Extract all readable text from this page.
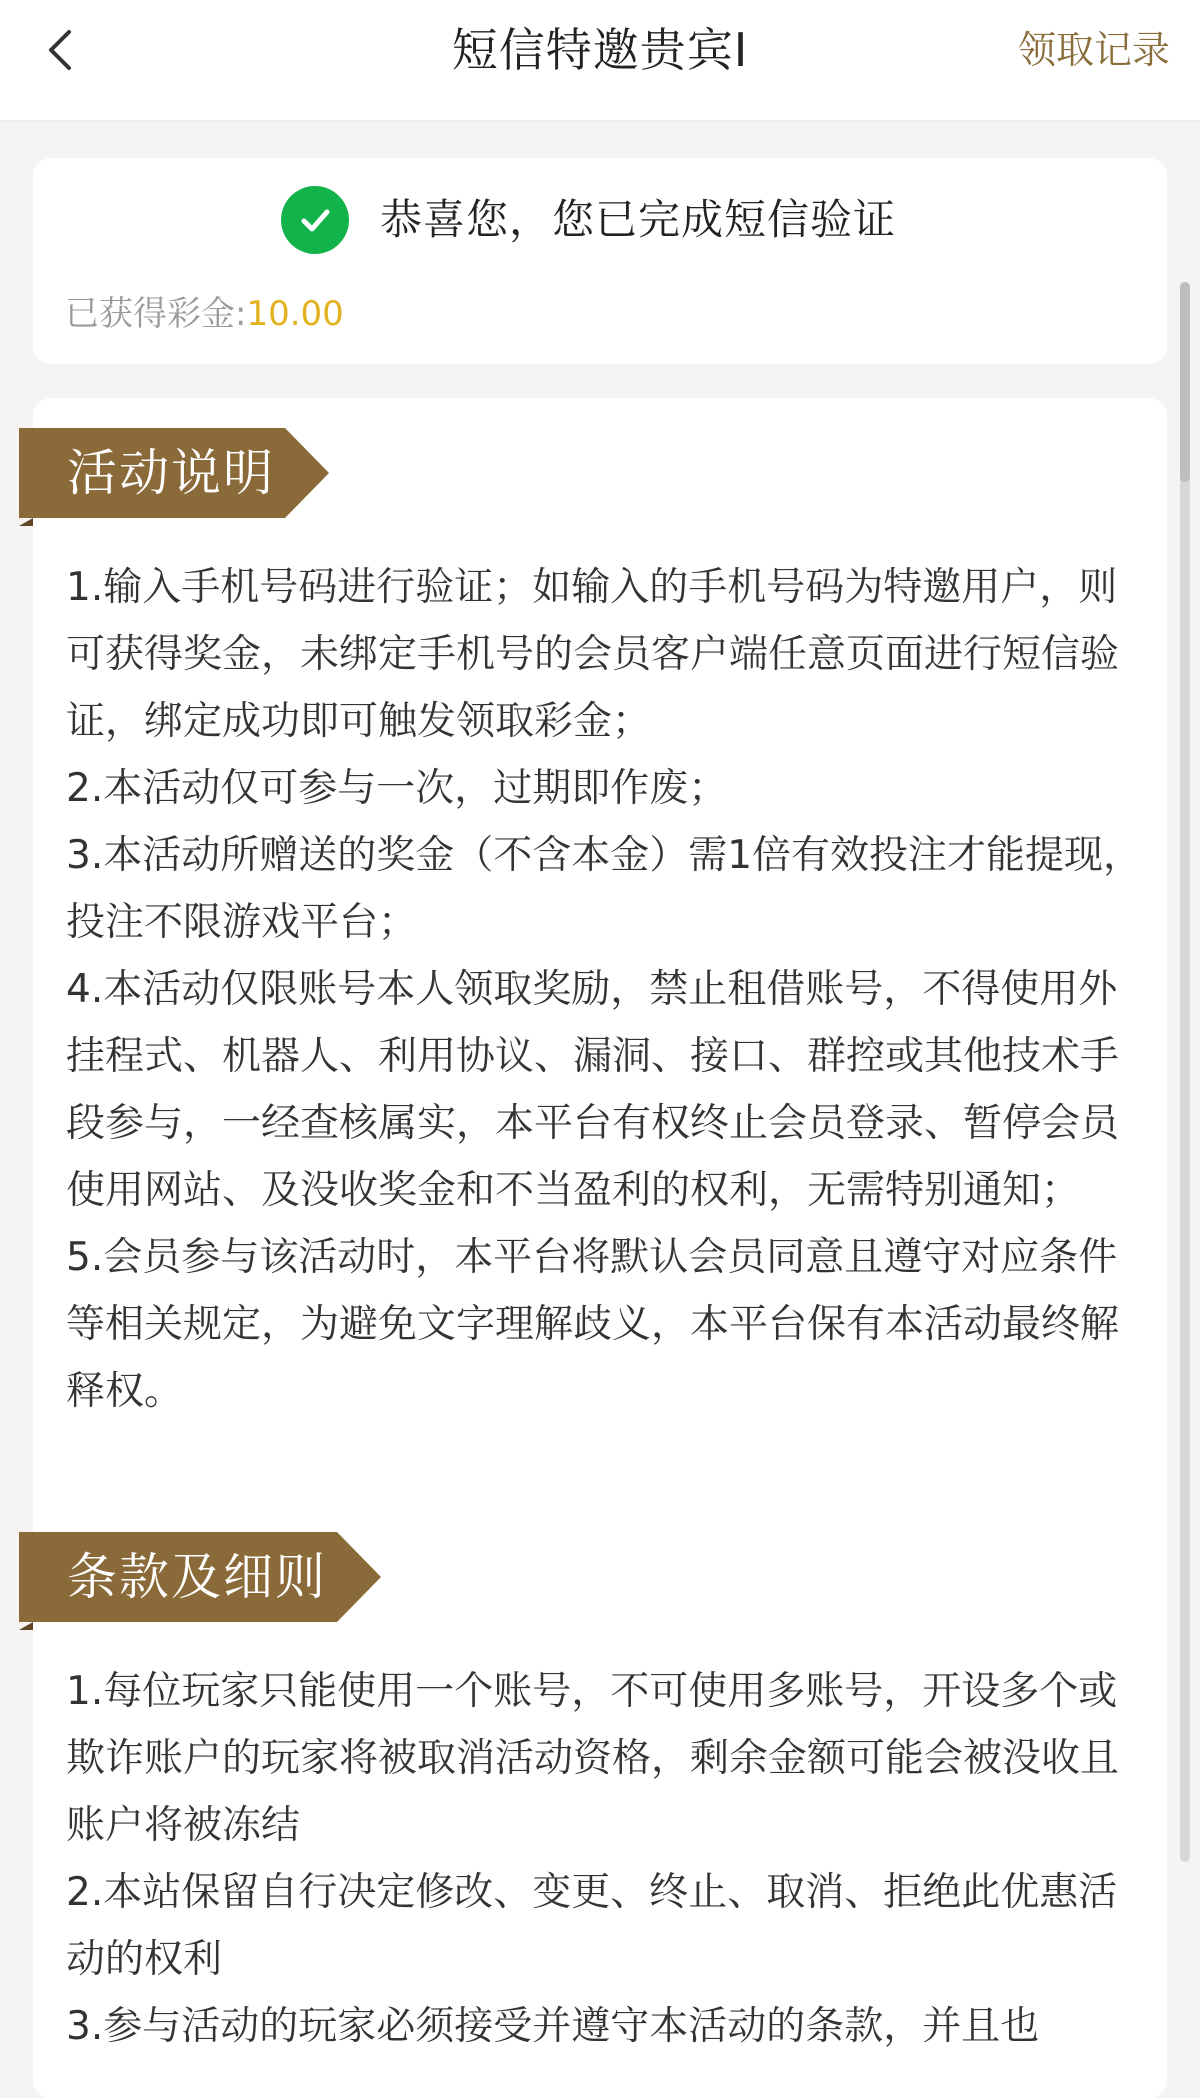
短信特邀贵宾I	领取记录
恭喜您，您已完成短信验证
已获得彩金:10.00
活动说明

1.输入手机号码进行验证；如输入的手机号码为特邀用户，则可获得奖金，未绑定手机号的会员客户端任意页面进行短信验证，绑定成功即可触发领取彩金；

2.本活动仅可参与一次，过期即作废；

3.本活动所赠送的奖金（不含本金）需1倍有效投注才能提现，投注不限游戏平台；

4.本活动仅限账号本人领取奖励，禁止租借账号，不得使用外挂程式、机器人、利用协议、漏洞、接口、群控或其他技术手段参与，一经查核属实，本平台有权终止会员登录、暂停会员使用网站、及没收奖金和不当盈利的权利，无需特别通知；

5.会员参与该活动时，本平台将默认会员同意且遵守对应条件等相关规定，为避免文字理解歧义，本平台保有本活动最终解释权。

条款及细则

1.每位玩家只能使用一个账号，不可使用多账号，开设多个或欺诈账户的玩家将被取消活动资格，剩余金额可能会被没收且账户将被冻结

2.本站保留自行决定修改、变更、终止、取消、拒绝此优惠活动的权利

3.参与活动的玩家必须接受并遵守本活动的条款，并且也
